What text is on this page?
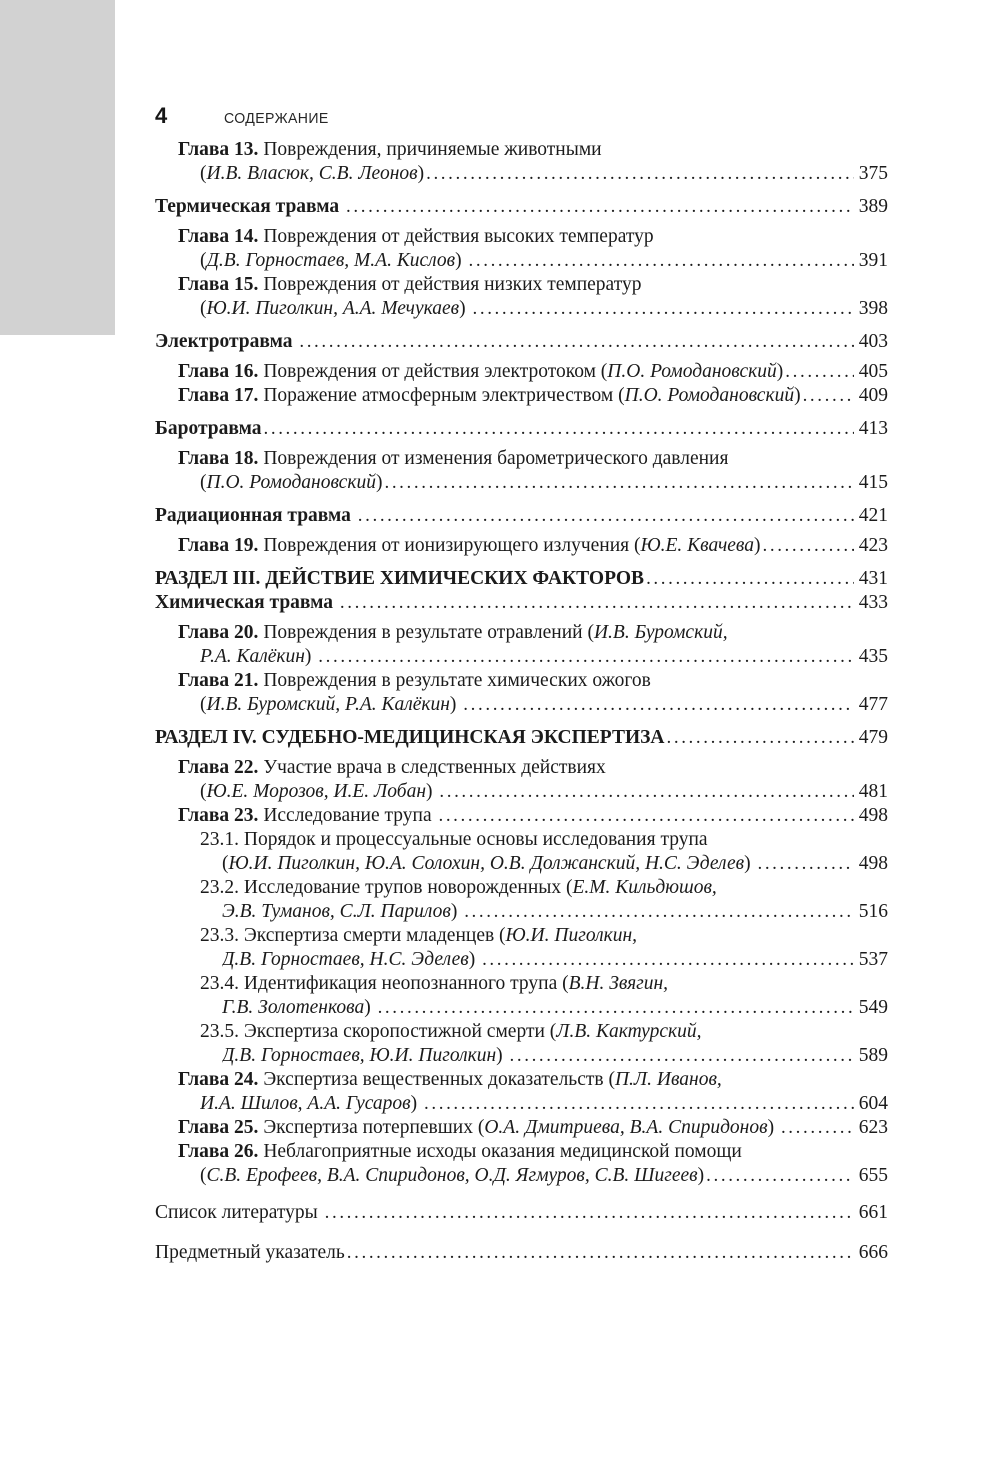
4	СОДЕРЖАНИЕ
Глава 13. Повреждения, причиняемые животными
(И.В. Власюк, С.В. Леонов) .....	375
Термическая травма .....	389
Глава 14. Повреждения от действия высоких температур
(Д.В. Горностаев, М.А. Кислов) .....	391
Глава 15. Повреждения от действия низких температур
(Ю.И. Пиголкин, А.А. Мечукаев) .....	398
Электротравма .....	403
Глава 16. Повреждения от действия электротоком (П.О. Ромодановский) .....	405
Глава 17. Поражение атмосферным электричеством (П.О. Ромодановский) .....	409
Баротравма .....	413
Глава 18. Повреждения от изменения барометрического давления
(П.О. Ромодановский) .....	415
Радиационная травма .....	421
Глава 19. Повреждения от ионизирующего излучения (Ю.Е. Квачева) .....	423
РАЗДЕЛ III. ДЕЙСТВИЕ ХИМИЧЕСКИХ ФАКТОРОВ .....	431
Химическая травма .....	433
Глава 20. Повреждения в результате отравлений (И.В. Буромский,
Р.А. Калёкин) .....	435
Глава 21. Повреждения в результате химических ожогов
(И.В. Буромский, Р.А. Калёкин) .....	477
РАЗДЕЛ IV. СУДЕБНО-МЕДИЦИНСКАЯ ЭКСПЕРТИЗА .....	479
Глава 22. Участие врача в следственных действиях
(Ю.Е. Морозов, И.Е. Лобан) .....	481
Глава 23. Исследование трупа .....	498
23.1. Порядок и процессуальные основы исследования трупа
(Ю.И. Пиголкин, Ю.А. Солохин, О.В. Должанский, Н.С. Эделев) .....	498
23.2. Исследование трупов новорожденных (Е.М. Кильдюшов,
Э.В. Туманов, С.Л. Парилов) .....	516
23.3. Экспертиза смерти младенцев (Ю.И. Пиголкин,
Д.В. Горностаев, Н.С. Эделев) .....	537
23.4. Идентификация неопознанного трупа (В.Н. Звягин,
Г.В. Золотенкова) .....	549
23.5. Экспертиза скоропостижной смерти (Л.В. Кактурский,
Д.В. Горностаев, Ю.И. Пиголкин) .....	589
Глава 24. Экспертиза вещественных доказательств (П.Л. Иванов,
И.А. Шилов, А.А. Гусаров) .....	604
Глава 25. Экспертиза потерпевших (О.А. Дмитриева, В.А. Спиридонов) .....	623
Глава 26. Неблагоприятные исходы оказания медицинской помощи
(С.В. Ерофеев, В.А. Спиридонов, О.Д. Ягмуров, С.В. Шигеев) .....	655
Список литературы .....	661
Предметный указатель .....	666
